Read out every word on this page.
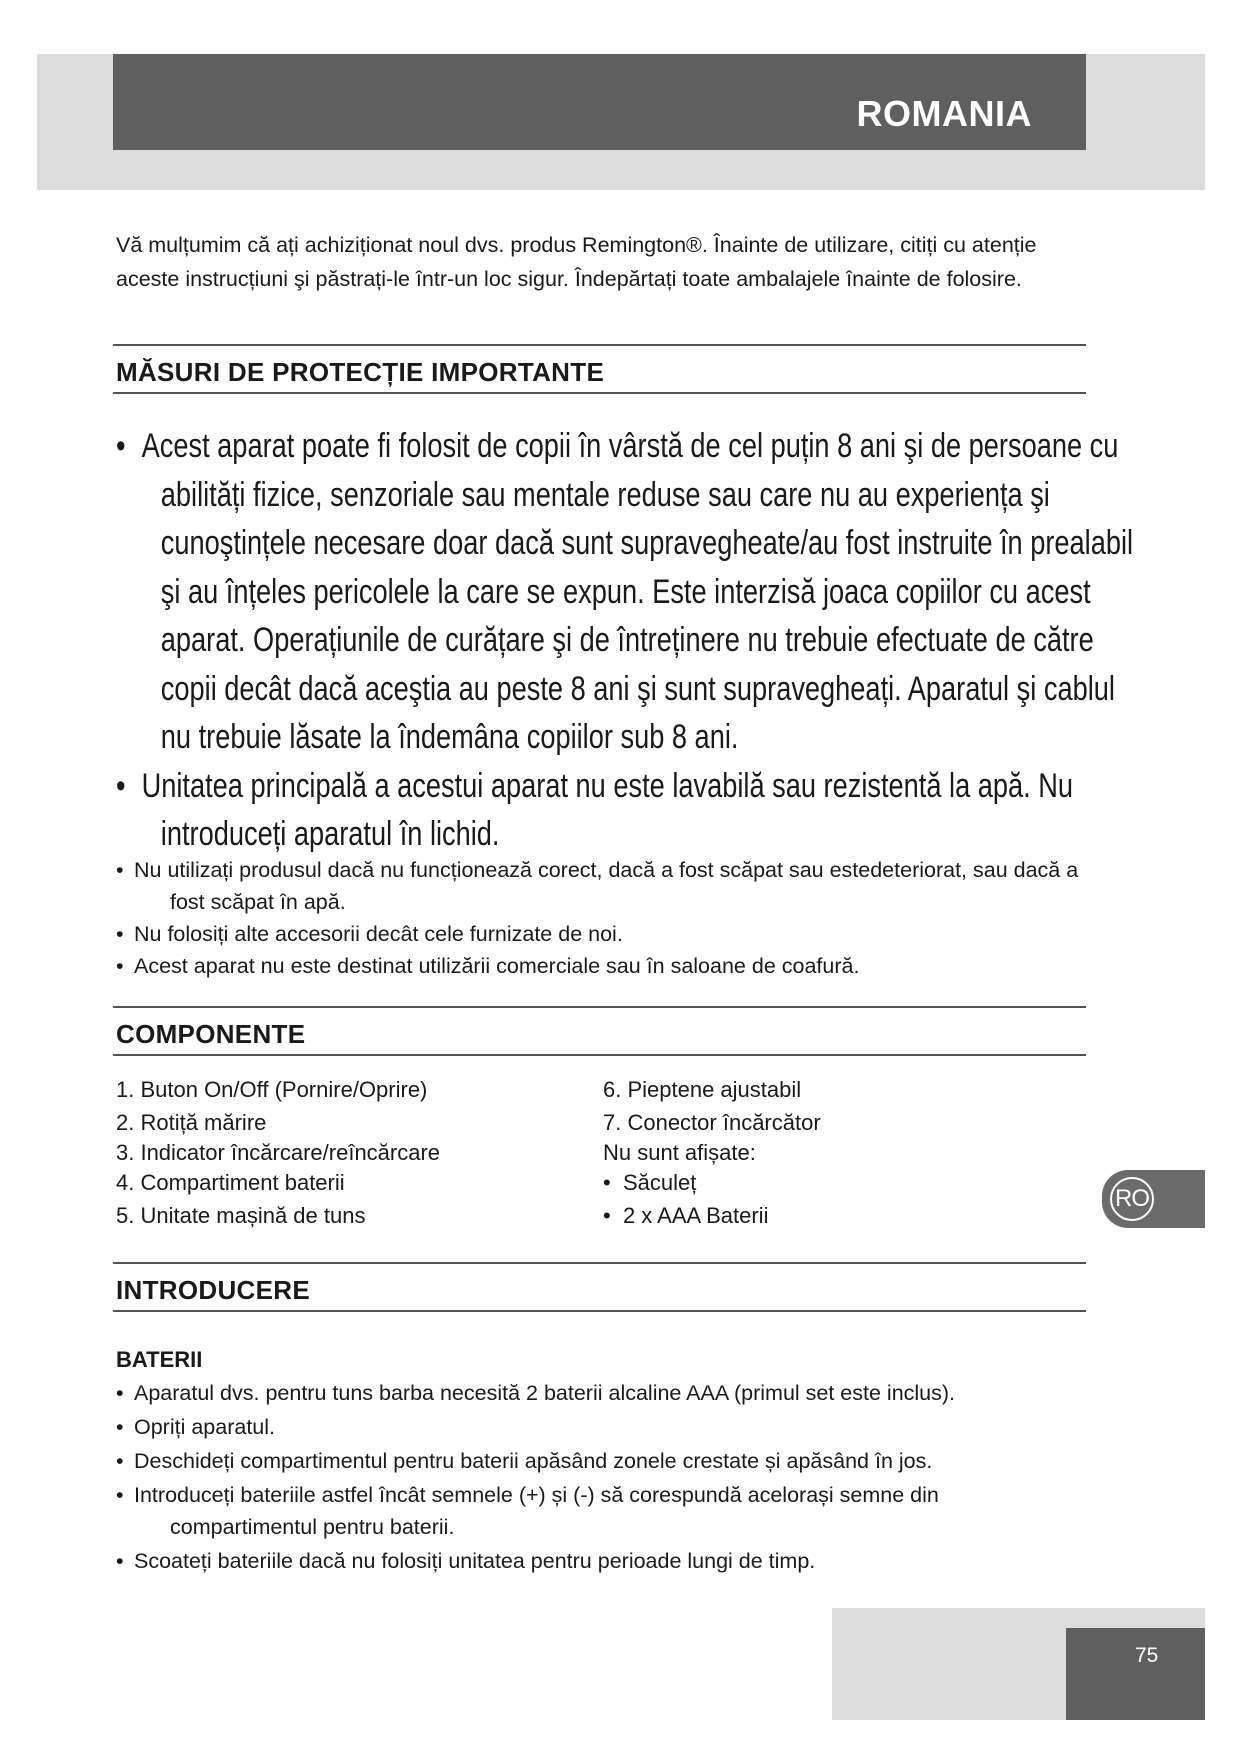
ROMANIA
Vă mulțumim că ați achiziționat noul dvs. produs Remington®. Înainte de utilizare, citiți cu atenție aceste instrucțiuni şi păstrați-le într-un loc sigur. Îndepărtați toate ambalajele înainte de folosire.
MĂSURI DE PROTECȚIE IMPORTANTE
• Acest aparat poate fi folosit de copii în vârstă de cel puțin 8 ani şi de persoane cu abilități fizice, senzoriale sau mentale reduse sau care nu au experiența şi cunoştințele necesare doar dacă sunt supravegheate/au fost instruite în prealabil şi au înțeles pericolele la care se expun. Este interzisă joaca copiilor cu acest aparat. Operațiunile de curățare şi de întreținere nu trebuie efectuate de către copii decât dacă aceştia au peste 8 ani şi sunt supravegheați. Aparatul şi cablul nu trebuie lăsate la îndemâna copiilor sub 8 ani.
• Unitatea principală a acestui aparat nu este lavabilă sau rezistentă la apă. Nu introduceți aparatul în lichid.
• Nu utilizați produsul dacă nu funcționează corect, dacă a fost scăpat sau estedeteriorat, sau dacă a fost scăpat în apă.
• Nu folosiți alte accesorii decât cele furnizate de noi.
• Acest aparat nu este destinat utilizării comerciale sau în saloane de coafură.
COMPONENTE
1. Buton On/Off (Pornire/Oprire)
2. Rotiță mărire
3. Indicator încărcare/reîncărcare
4. Compartiment baterii
5. Unitate mașină de tuns
6. Pieptene ajustabil
7. Conector încărcător
Nu sunt afișate:
•  Săculeț
•  2 x AAA Baterii
INTRODUCERE
BATERII
• Aparatul dvs. pentru tuns barba necesită 2 baterii alcaline AAA (primul set este inclus).
• Opriți aparatul.
• Deschideți compartimentul pentru baterii apăsând zonele crestate și apăsând în jos.
• Introduceți bateriile astfel încât semnele (+) și (-) să corespundă acelorași semne din compartimentul pentru baterii.
• Scoateți bateriile dacă nu folosiți unitatea pentru perioade lungi de timp.
RO
75
